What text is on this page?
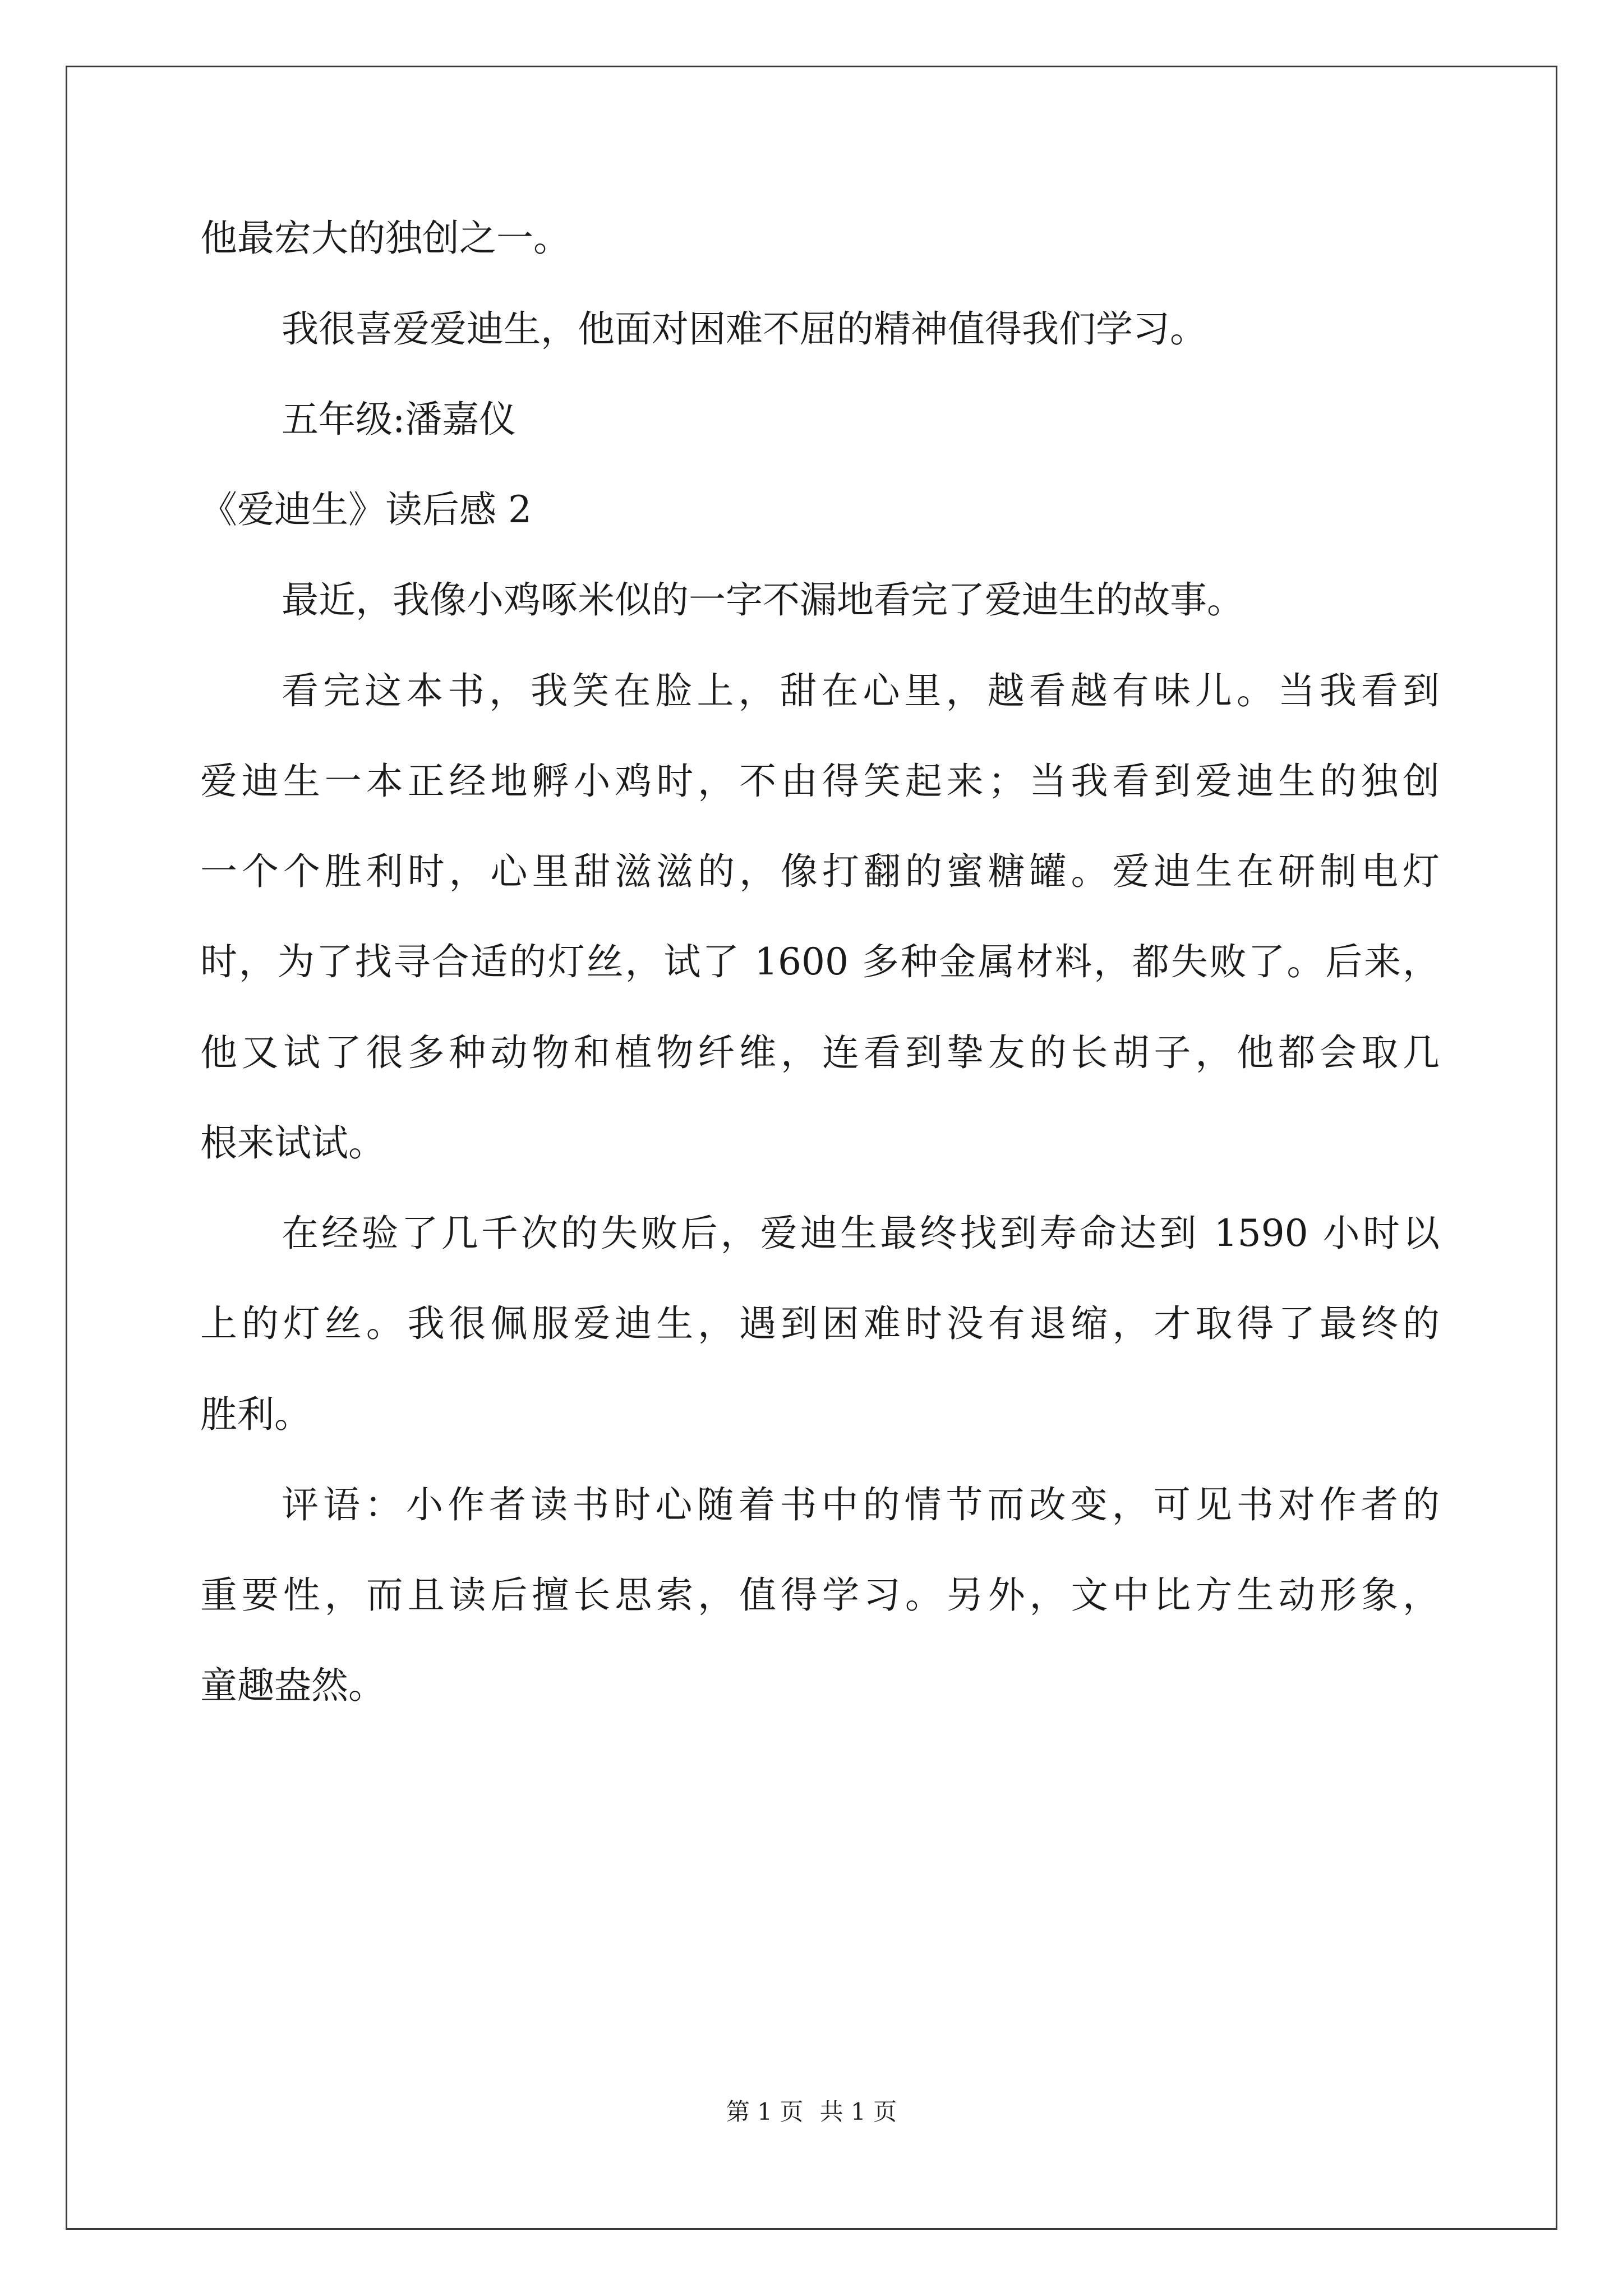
他最宏大的独创之一。
我很喜爱爱迪生，他面对困难不屈的精神值得我们学习。
五年级:潘嘉仪
《爱迪生》读后感 2
最近，我像小鸡啄米似的一字不漏地看完了爱迪生的故事。
看完这本书，我笑在脸上，甜在心里，越看越有味儿。当我看到
爱迪生一本正经地孵小鸡时，不由得笑起来；当我看到爱迪生的独创
一个个胜利时，心里甜滋滋的，像打翻的蜜糖罐。爱迪生在研制电灯
时，为了找寻合适的灯丝，试了 1600 多种金属材料，都失败了。后来，
他又试了很多种动物和植物纤维，连看到挚友的长胡子，他都会取几
根来试试。
在经验了几千次的失败后，爱迪生最终找到寿命达到 1590 小时以
上的灯丝。我很佩服爱迪生，遇到困难时没有退缩，才取得了最终的
胜利。
评语：小作者读书时心随着书中的情节而改变，可见书对作者的
重要性，而且读后擅长思索，值得学习。另外，文中比方生动形象，
童趣盎然。
第 1 页 共 1 页
